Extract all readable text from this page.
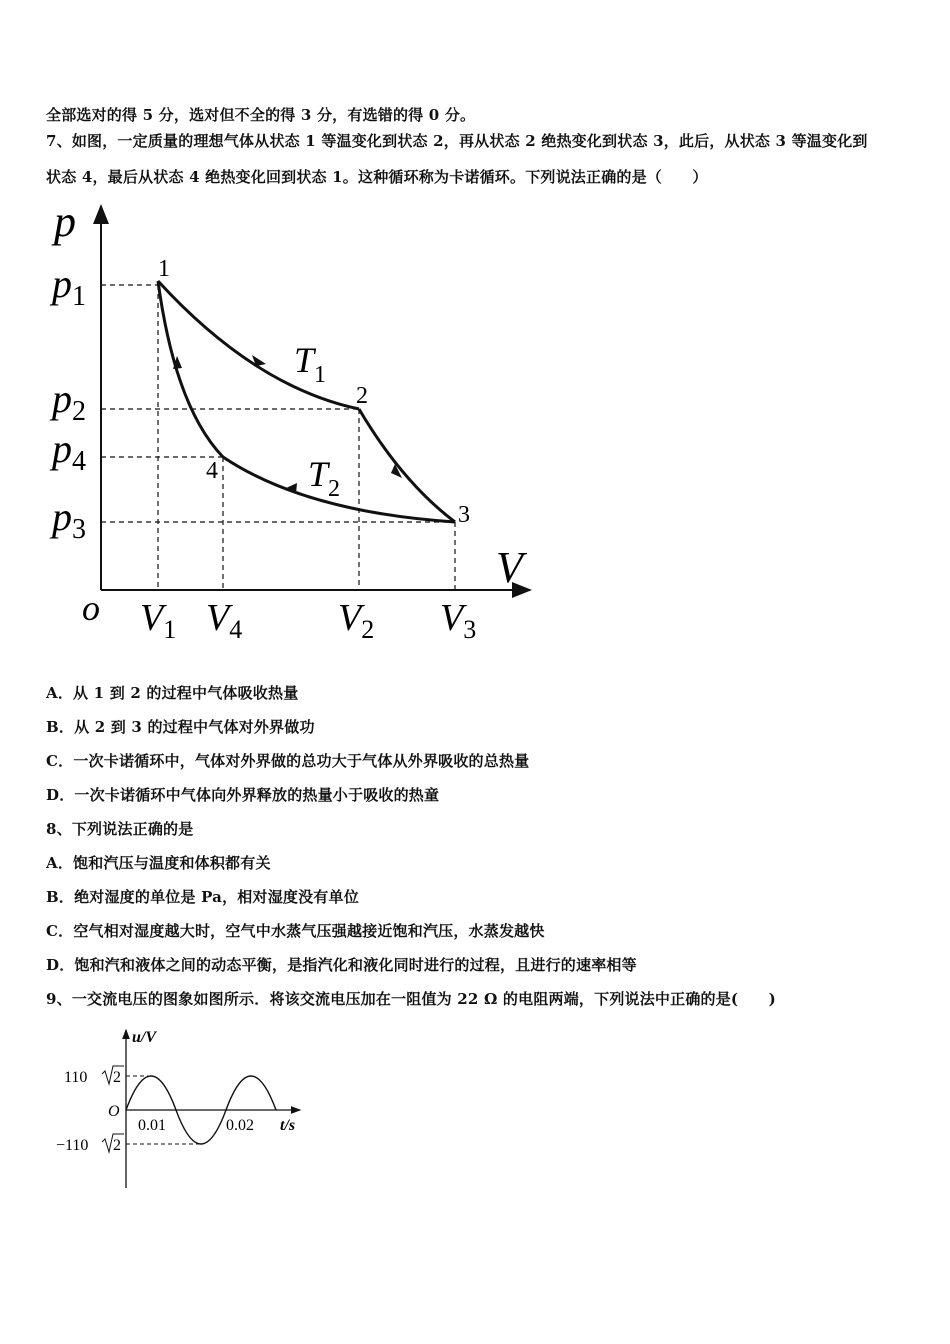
全部选对的得 5 分，选对但不全的得 3 分，有选错的得 0 分。
7、如图，一定质量的理想气体从状态 1 等温变化到状态 2，再从状态 2 绝热变化到状态 3，此后，从状态 3 等温变化到
状态 4，最后从状态 4 绝热变化回到状态 1。这种循环称为卡诺循环。下列说法正确的是（　　）
p
V
o
$p_1$
$p_2$
$p_4$
$p_3$
$V_1$ $V_4$	$V_2$ $V_3$
1
2
3
4
$T_1$
$T_2$
A．从 1 到 2 的过程中气体吸收热量
B．从 2 到 3 的过程中气体对外界做功
C．一次卡诺循环中，气体对外界做的总功大于气体从外界吸收的总热量
D．一次卡诺循环中气体向外界释放的热量小于吸收的热童
8、下列说法正确的是
A．饱和汽压与温度和体积都有关
B．绝对湿度的单位是 Pa，相对湿度没有单位
C．空气相对湿度越大时，空气中水蒸气压强越接近饱和汽压，水蒸发越快
D．饱和汽和液体之间的动态平衡，是指汽化和液化同时进行的过程，且进行的速率相等
9、一交流电压的图象如图所示．将该交流电压加在一阻值为 22 Ω 的电阻两端，下列说法中正确的是(　　)
u/V
t/s
O
110 2
−110 2
0.01	0.02
